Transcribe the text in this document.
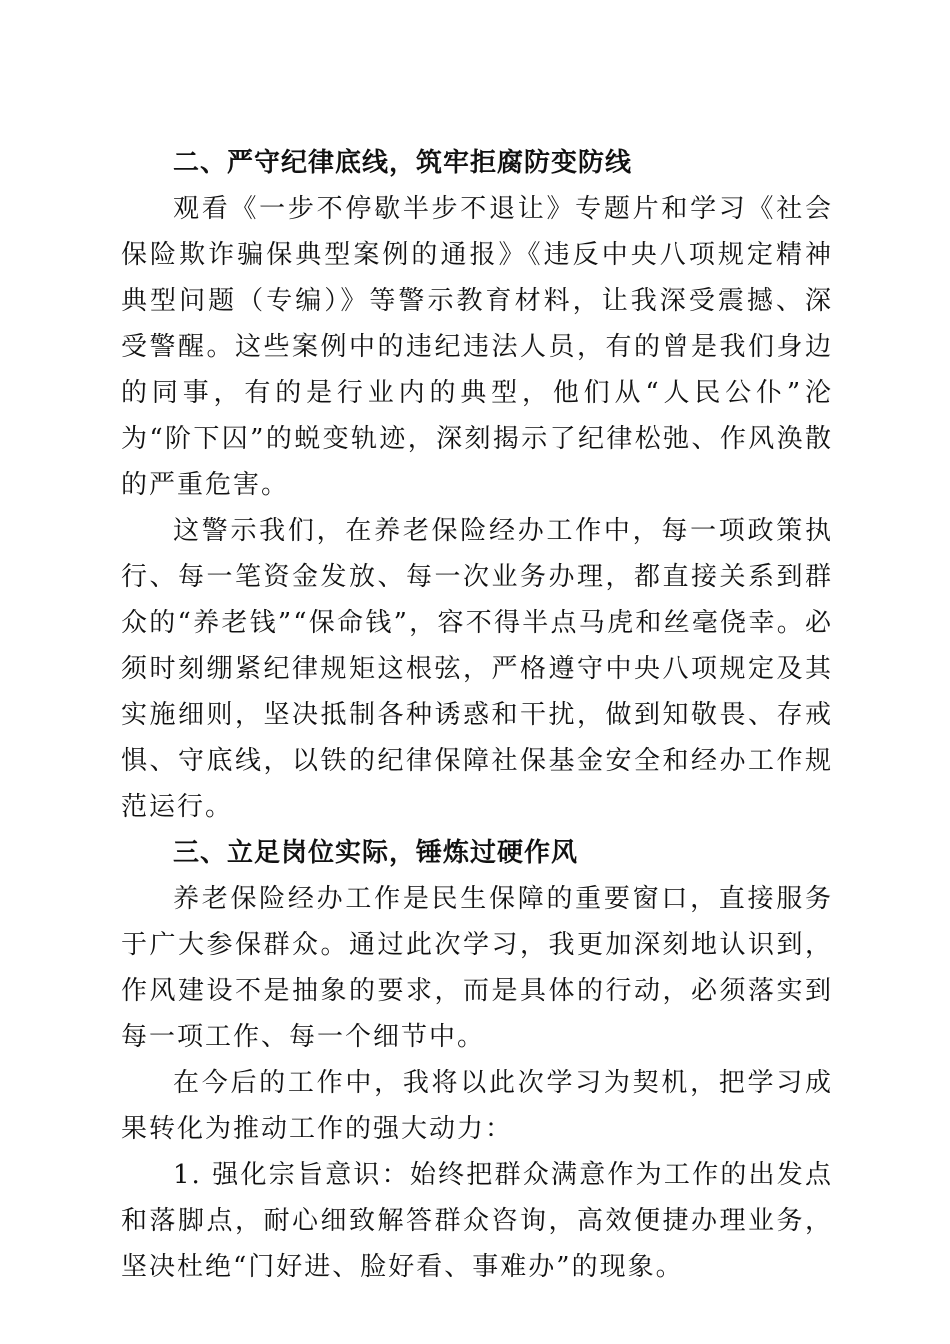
二、严守纪律底线，筑牢拒腐防变防线

观看《一步不停歇半步不退让》专题片和学习《社会保险欺诈骗保典型案例的通报》《违反中央八项规定精神典型问题（专编）》等警示教育材料，让我深受震撼、深受警醒。这些案例中的违纪违法人员，有的曾是我们身边的同事，有的是行业内的典型，他们从“人民公仆”沦为“阶下囚”的蜕变轨迹，深刻揭示了纪律松弛、作风涣散的严重危害。

这警示我们，在养老保险经办工作中，每一项政策执行、每一笔资金发放、每一次业务办理，都直接关系到群众的“养老钱”“保命钱”，容不得半点马虎和丝毫侥幸。必须时刻绷紧纪律规矩这根弦，严格遵守中央八项规定及其实施细则，坚决抵制各种诱惑和干扰，做到知敬畏、存戒惧、守底线，以铁的纪律保障社保基金安全和经办工作规范运行。

三、立足岗位实际，锤炼过硬作风

养老保险经办工作是民生保障的重要窗口，直接服务于广大参保群众。通过此次学习，我更加深刻地认识到，作风建设不是抽象的要求，而是具体的行动，必须落实到每一项工作、每一个细节中。

在今后的工作中，我将以此次学习为契机，把学习成果转化为推动工作的强大动力：

1. 强化宗旨意识：始终把群众满意作为工作的出发点和落脚点，耐心细致解答群众咨询，高效便捷办理业务，坚决杜绝“门好进、脸好看、事难办”的现象。
